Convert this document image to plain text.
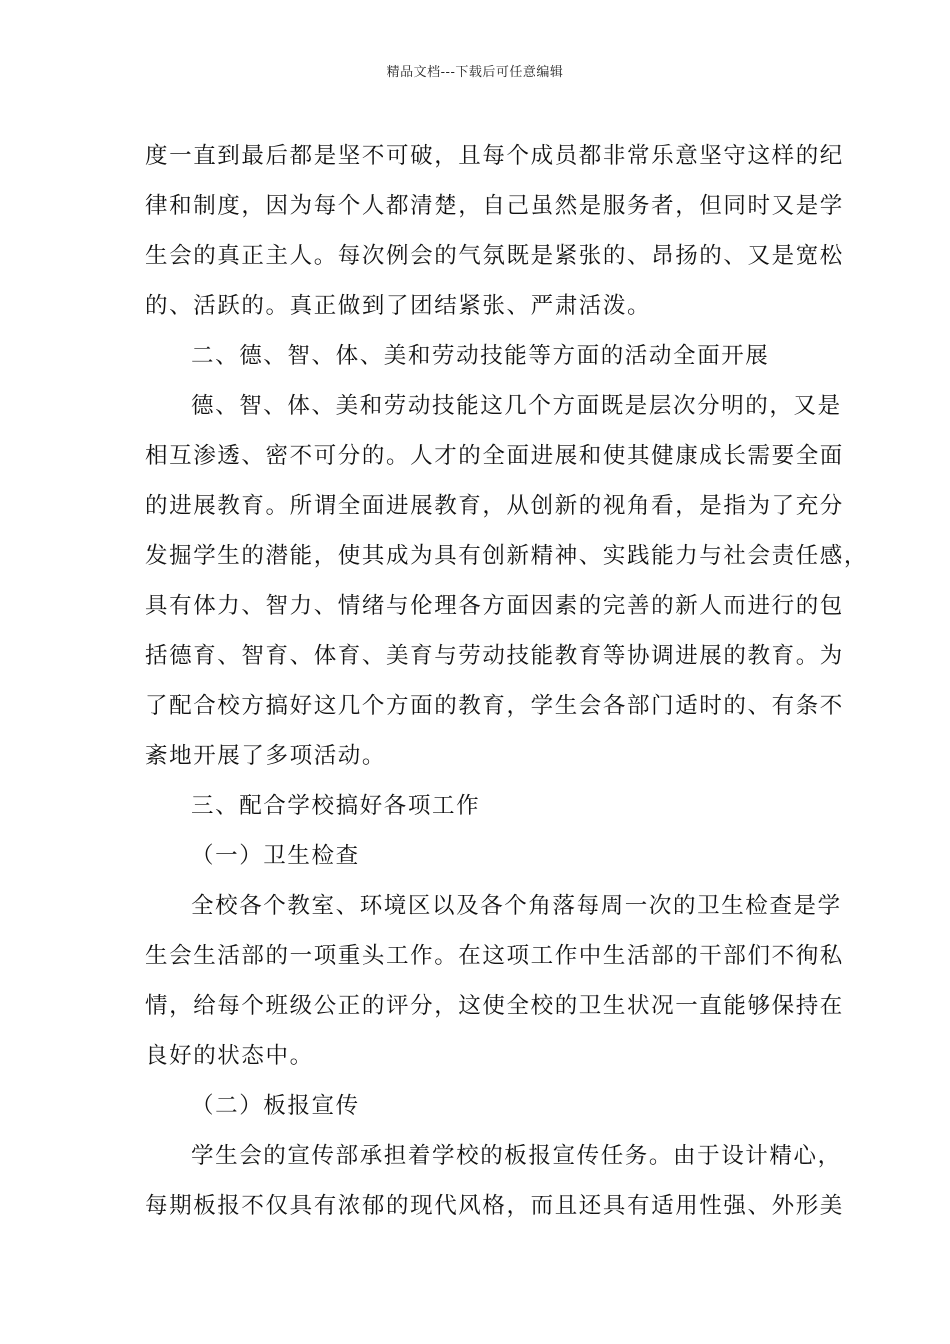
精品文档---下载后可任意编辑
度一直到最后都是坚不可破，且每个成员都非常乐意坚守这样的纪
律和制度，因为每个人都清楚，自己虽然是服务者，但同时又是学
生会的真正主人。每次例会的气氛既是紧张的、昂扬的、又是宽松
的、活跃的。真正做到了团结紧张、严肃活泼。
二、德、智、体、美和劳动技能等方面的活动全面开展
德、智、体、美和劳动技能这几个方面既是层次分明的，又是
相互渗透、密不可分的。人才的全面进展和使其健康成长需要全面
的进展教育。所谓全面进展教育，从创新的视角看，是指为了充分
发掘学生的潜能，使其成为具有创新精神、实践能力与社会责任感，
具有体力、智力、情绪与伦理各方面因素的完善的新人而进行的包
括德育、智育、体育、美育与劳动技能教育等协调进展的教育。为
了配合校方搞好这几个方面的教育，学生会各部门适时的、有条不
紊地开展了多项活动。
三、配合学校搞好各项工作
（一）卫生检查
全校各个教室、环境区以及各个角落每周一次的卫生检查是学
生会生活部的一项重头工作。在这项工作中生活部的干部们不徇私
情，给每个班级公正的评分，这使全校的卫生状况一直能够保持在
良好的状态中。
（二）板报宣传
学生会的宣传部承担着学校的板报宣传任务。由于设计精心，
每期板报不仅具有浓郁的现代风格，而且还具有适用性强、外形美
